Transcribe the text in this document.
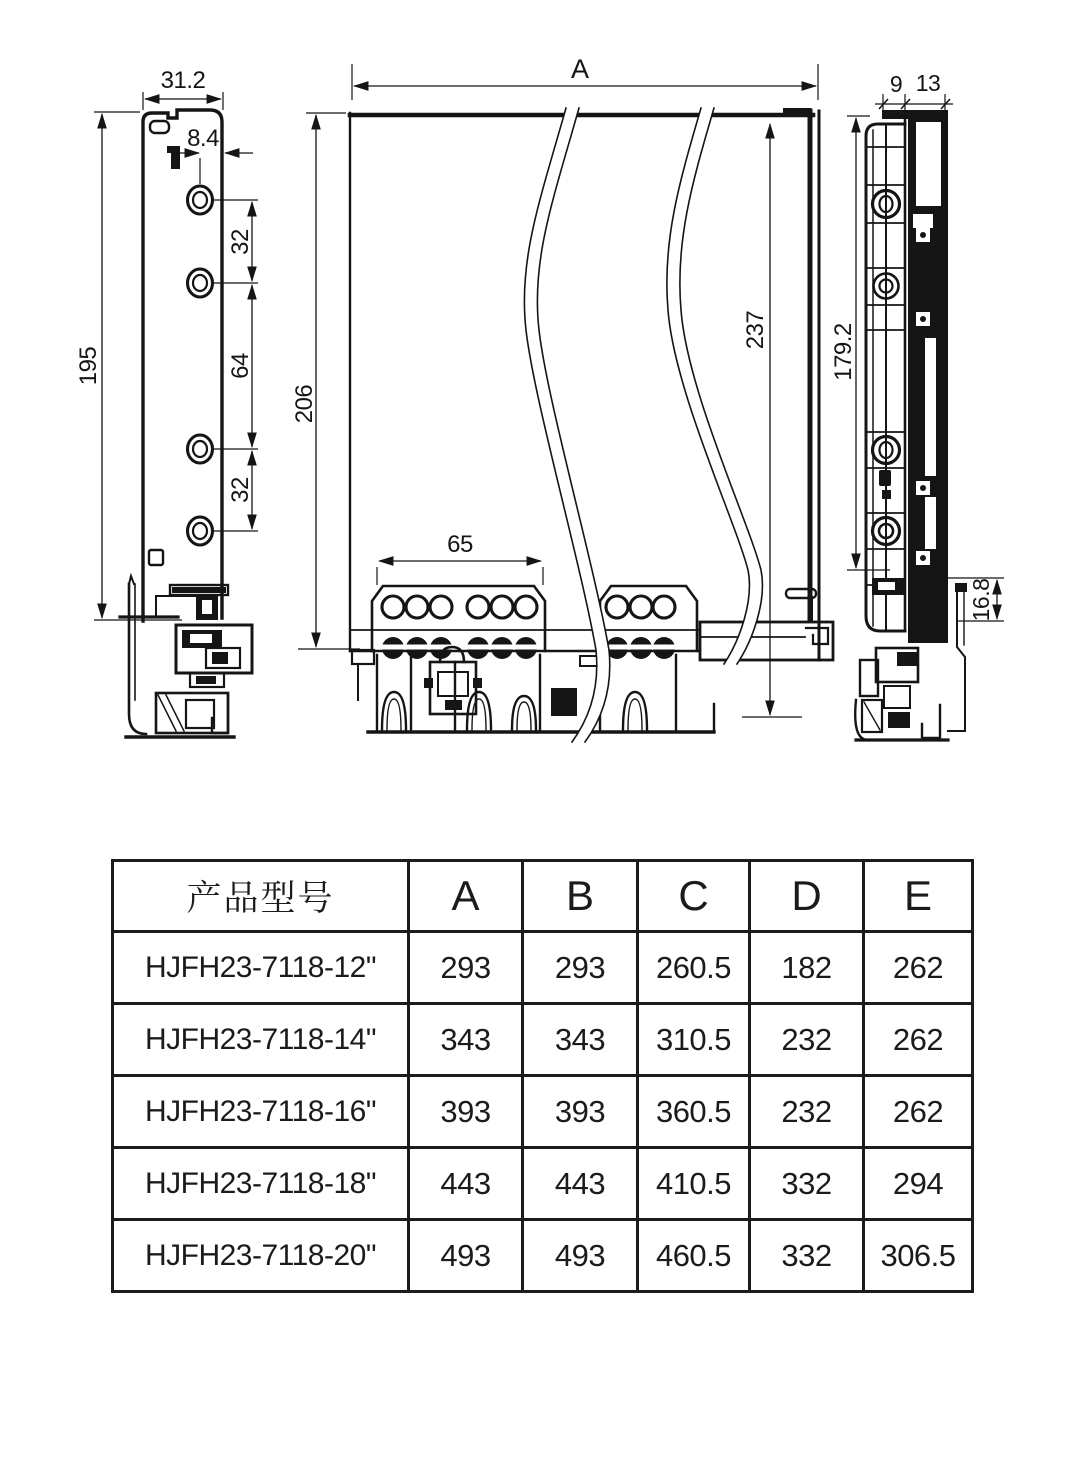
31.2
195
8.4
32
64
32
A
206
237
65
9 13
179.2
16.8
产品型号	A	B	C	D	E
HJFH23-7118-12"	293	293	260.5	182	262
HJFH23-7118-14"	343	343	310.5	232	262
HJFH23-7118-16"	393	393	360.5	232	262
HJFH23-7118-18"	443	443	410.5	332	294
HJFH23-7118-20"	493	493	460.5	332	306.5
